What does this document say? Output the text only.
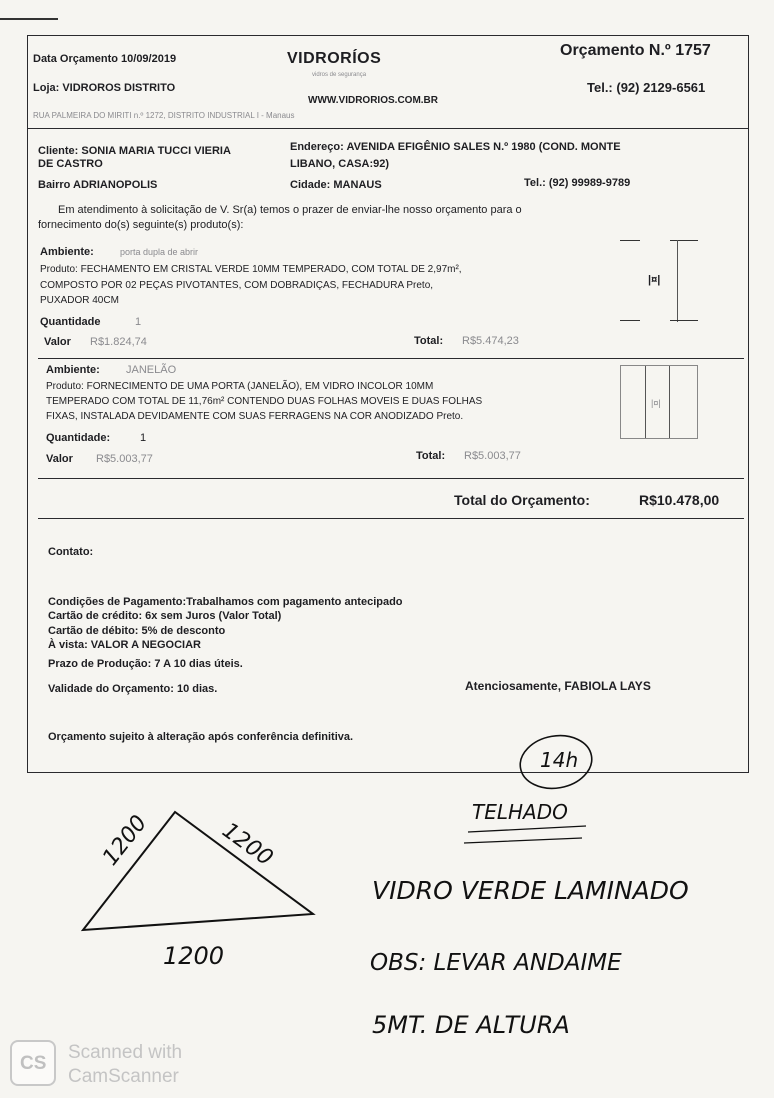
Data Orçamento 10/09/2019
Loja: VIDROROS DISTRITO
RUA PALMEIRA DO MIRITI n.º 1272, DISTRITO INDUSTRIAL I - Manaus
VIDRORÍOS
vidros de segurança
WWW.VIDRORIOS.COM.BR
Orçamento N.º 1757
Tel.: (92) 2129-6561
Cliente: SONIA MARIA TUCCI VIERIA
DE CASTRO
Endereço: AVENIDA EFIGÊNIO SALES N.º 1980 (COND. MONTE
LIBANO, CASA:92)
Bairro ADRIANOPOLIS	Cidade: MANAUS	Tel.: (92) 99989-9789
Em atendimento à solicitação de V. Sr(a) temos o prazer de enviar-lhe nosso orçamento para o
fornecimento do(s) seguinte(s) produto(s):
Ambiente:	porta dupla de abrir
Produto: FECHAMENTO EM CRISTAL VERDE 10MM TEMPERADO, COM TOTAL DE 2,97m²,
COMPOSTO POR 02 PEÇAS PIVOTANTES, COM DOBRADIÇAS, FECHADURA Preto,
PUXADOR 40CM
Quantidade	1
Valor R$1.824,74	Total: R$5.474,23
|¤|
Ambiente: JANELÃO
Produto: FORNECIMENTO DE UMA PORTA (JANELÃO), EM VIDRO INCOLOR 10MM
TEMPERADO COM TOTAL DE 11,76m² CONTENDO DUAS FOLHAS MOVEIS E DUAS FOLHAS
FIXAS, INSTALADA DEVIDAMENTE COM SUAS FERRAGENS NA COR ANODIZADO Preto.
Quantidade:	1
Valor R$5.003,77	Total: R$5.003,77
|¤|
Total do Orçamento:	R$10.478,00
Contato:
Condições de Pagamento:Trabalhamos com pagamento antecipado
Cartão de crédito: 6x sem Juros (Valor Total)
Cartão de débito: 5% de desconto
À vista: VALOR A NEGOCIAR
Prazo de Produção: 7 A 10 dias úteis.
Validade do Orçamento: 10 dias.	Atenciosamente, FABIOLA LAYS
Orçamento sujeito à alteração após conferência definitiva.
14h
1200	1200
1200
TELHADO
VIDRO VERDE LAMINADO
OBS: LEVAR ANDAIME
5MT. DE ALTURA
CS
Scanned with
CamScanner
